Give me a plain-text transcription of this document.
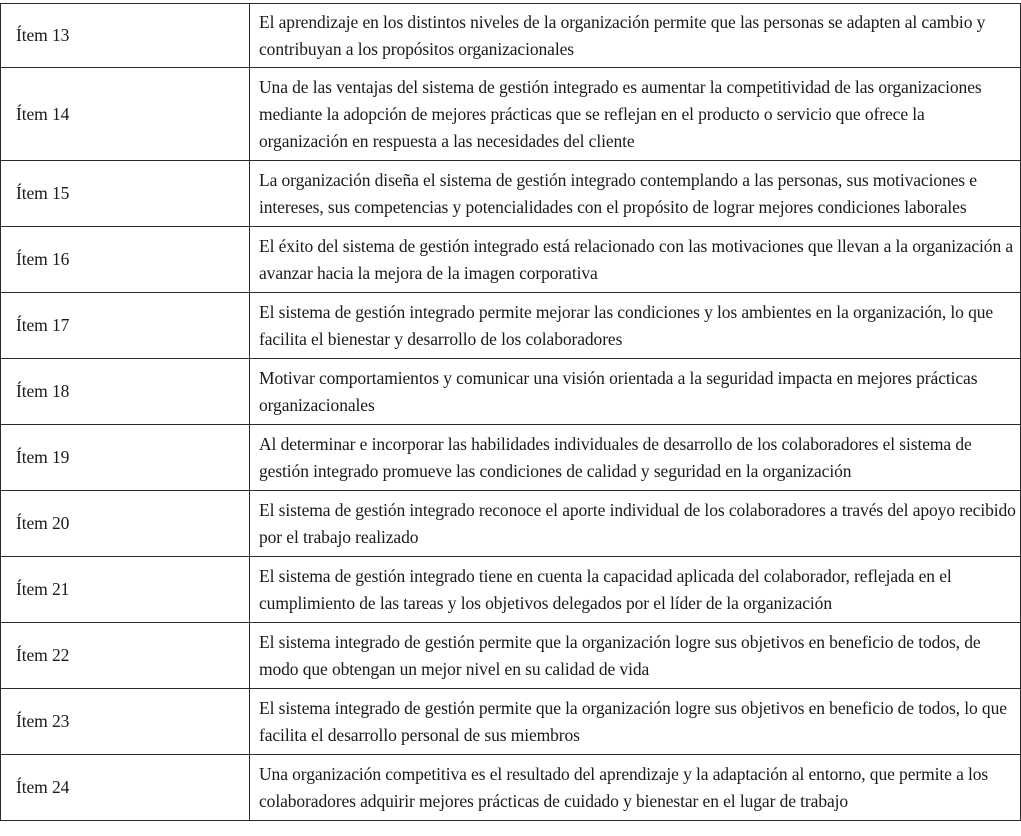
Ítem 13	El aprendizaje en los distintos niveles de la organización permite que las personas se adapten al cambio y contribuyan a los propósitos organizacionales
Ítem 14	Una de las ventajas del sistema de gestión integrado es aumentar la competitividad de las organizaciones mediante la adopción de mejores prácticas que se reflejan en el producto o servicio que ofrece la organización en respuesta a las necesidades del cliente
Ítem 15	La organización diseña el sistema de gestión integrado contemplando a las personas, sus motivaciones e intereses, sus competencias y potencialidades con el propósito de lograr mejores condiciones laborales
Ítem 16	El éxito del sistema de gestión integrado está relacionado con las motivaciones que llevan a la organización a avanzar hacia la mejora de la imagen corporativa
Ítem 17	El sistema de gestión integrado permite mejorar las condiciones y los ambientes en la organización, lo que facilita el bienestar y desarrollo de los colaboradores
Ítem 18	Motivar comportamientos y comunicar una visión orientada a la seguridad impacta en mejores prácticas organizacionales
Ítem 19	Al determinar e incorporar las habilidades individuales de desarrollo de los colaboradores el sistema de gestión integrado promueve las condiciones de calidad y seguridad en la organización
Ítem 20	El sistema de gestión integrado reconoce el aporte individual de los colaboradores a través del apoyo recibido por el trabajo realizado
Ítem 21	El sistema de gestión integrado tiene en cuenta la capacidad aplicada del colaborador, reflejada en el cumplimiento de las tareas y los objetivos delegados por el líder de la organización
Ítem 22	El sistema integrado de gestión permite que la organización logre sus objetivos en beneficio de todos, de modo que obtengan un mejor nivel en su calidad de vida
Ítem 23	El sistema integrado de gestión permite que la organización logre sus objetivos en beneficio de todos, lo que facilita el desarrollo personal de sus miembros
Ítem 24	Una organización competitiva es el resultado del aprendizaje y la adaptación al entorno, que permite a los colaboradores adquirir mejores prácticas de cuidado y bienestar en el lugar de trabajo
